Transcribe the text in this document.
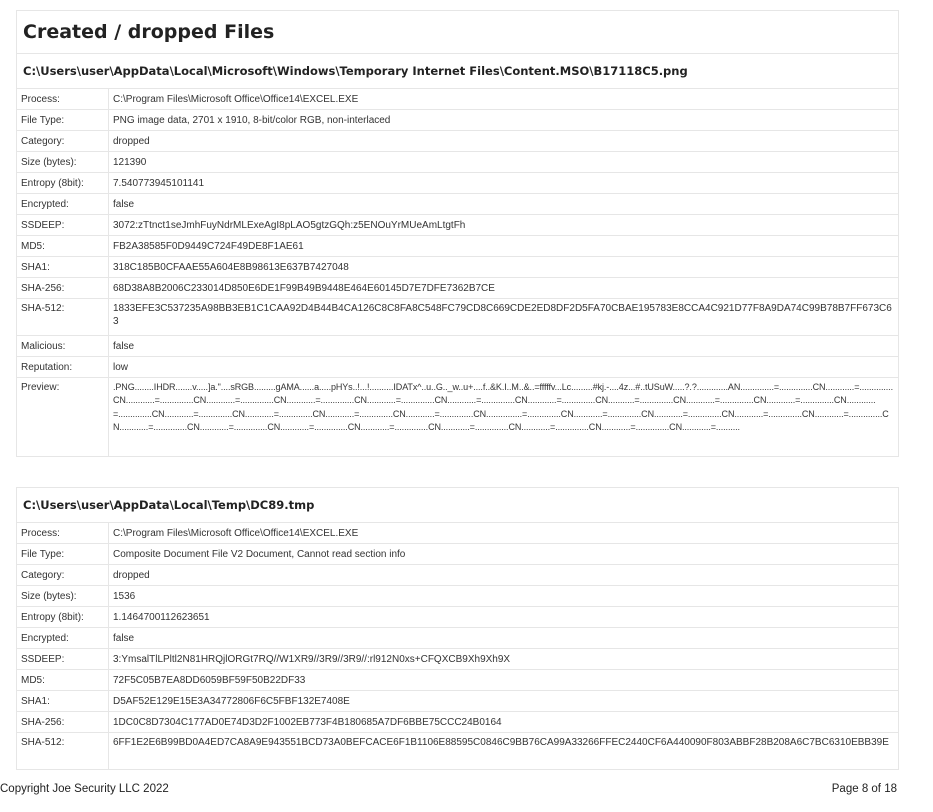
Created / dropped Files
C:\Users\user\AppData\Local\Microsoft\Windows\Temporary Internet Files\Content.MSO\B17118C5.png
Process:	C:\Program Files\Microsoft Office\Office14\EXCEL.EXE
File Type:	PNG image data, 2701 x 1910, 8-bit/color RGB, non-interlaced
Category:	dropped
Size (bytes):	121390
Entropy (8bit):	7.540773945101141
Encrypted:	false
SSDEEP:	3072:zTtnct1seJmhFuyNdrMLExeAgI8pLAO5gtzGQh:z5ENOuYrMUeAmLtgtFh
MD5:	FB2A38585F0D9449C724F49DE8F1AE61
SHA1:	318C185B0CFAAE55A604E8B98613E637B7427048
SHA-256:	68D38A8B2006C233014D850E6DE1F99B49B9448E464E60145D7E7DFE7362B7CE
SHA-512:	1833EFE3C537235A98BB3EB1C1CAA92D4B44B4CA126C8C8FA8C548FC79CD8C669CDE2ED8DF2D5FA70CBAE195783E8CCA4C921D77F8A9DA74C99B78B7FF673C63
Malicious:	false
Reputation:	low
Preview:	.PNG........IHDR.......v.....]a."....sRGB.........gAMA......a.....pHYs..!...!..........IDATx^..u..G.._w..u+....f..&K.I..M..&..=fffffv...Lc.........#kj.-....4z...#..tUSuW.....?.?.............AN..............=..............CN............=..............CN............=..............CN............=..............CN............=..............CN............=..............CN............=..............CN............=..............CN...........=..............CN............=..............CN............=..............CN............=..............CN............=..............CN............=..............CN............=..............CN............=..............CN...............=..............CN............=..............CN............=..............CN............=..............CN............=..............CN............=..............CN............=..............CN............=..............CN............=..............CN............=..............CN............=..............CN............=..............CN............=..........
C:\Users\user\AppData\Local\Temp\DC89.tmp
Process:	C:\Program Files\Microsoft Office\Office14\EXCEL.EXE
File Type:	Composite Document File V2 Document, Cannot read section info
Category:	dropped
Size (bytes):	1536
Entropy (8bit):	1.1464700112623651
Encrypted:	false
SSDEEP:	3:YmsalTlLPltl2N81HRQjlORGt7RQ//W1XR9//3R9//3R9//:rl912N0xs+CFQXCB9Xh9Xh9X
MD5:	72F5C05B7EA8DD6059BF59F50B22DF33
SHA1:	D5AF52E129E15E3A34772806F6C5FBF132E7408E
SHA-256:	1DC0C8D7304C177AD0E74D3D2F1002EB773F4B180685A7DF6BBE75CCC24B0164
SHA-512:	6FF1E2E6B99BD0A4ED7CA8A9E943551BCD73A0BEFCACE6F1B1106E88595C0846C9BB76CA99A33266FFEC2440CF6A440090F803ABBF28B208A6C7BC6310EBB39E
Copyright Joe Security LLC 2022	Page 8 of 18
